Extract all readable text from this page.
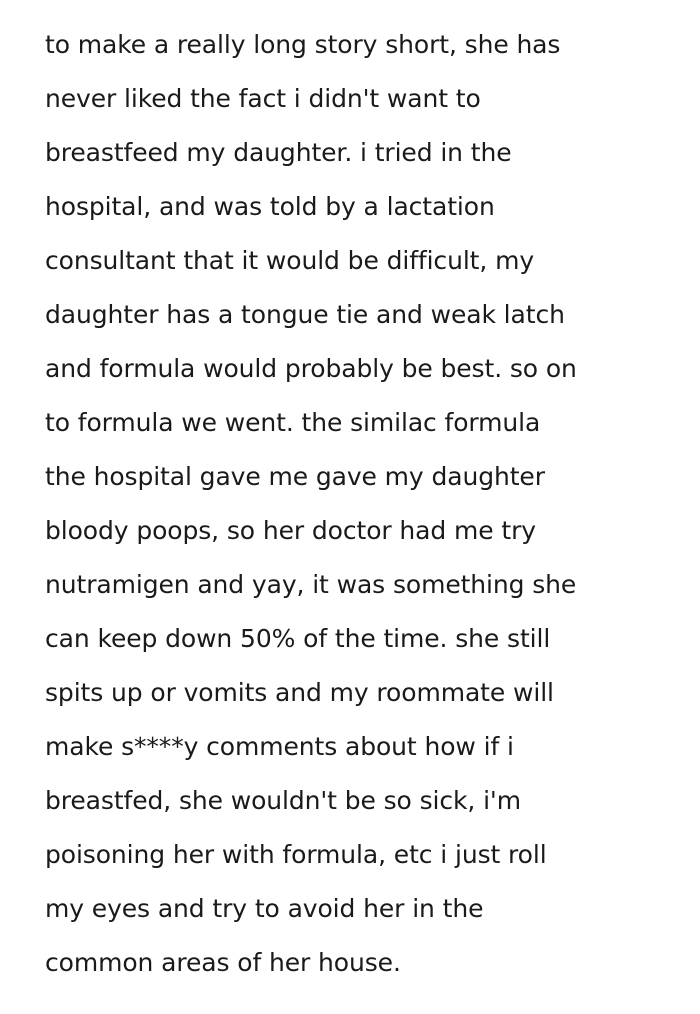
to make a really long story short, she has
never liked the fact i didn't want to
breastfeed my daughter. i tried in the
hospital, and was told by a lactation
consultant that it would be difficult, my
daughter has a tongue tie and weak latch
and formula would probably be best. so on
to formula we went. the similac formula
the hospital gave me gave my daughter
bloody poops, so her doctor had me try
nutramigen and yay, it was something she
can keep down 50% of the time. she still
spits up or vomits and my roommate will
make s****y comments about how if i
breastfed, she wouldn't be so sick, i'm
poisoning her with formula, etc i just roll
my eyes and try to avoid her in the
common areas of her house.
